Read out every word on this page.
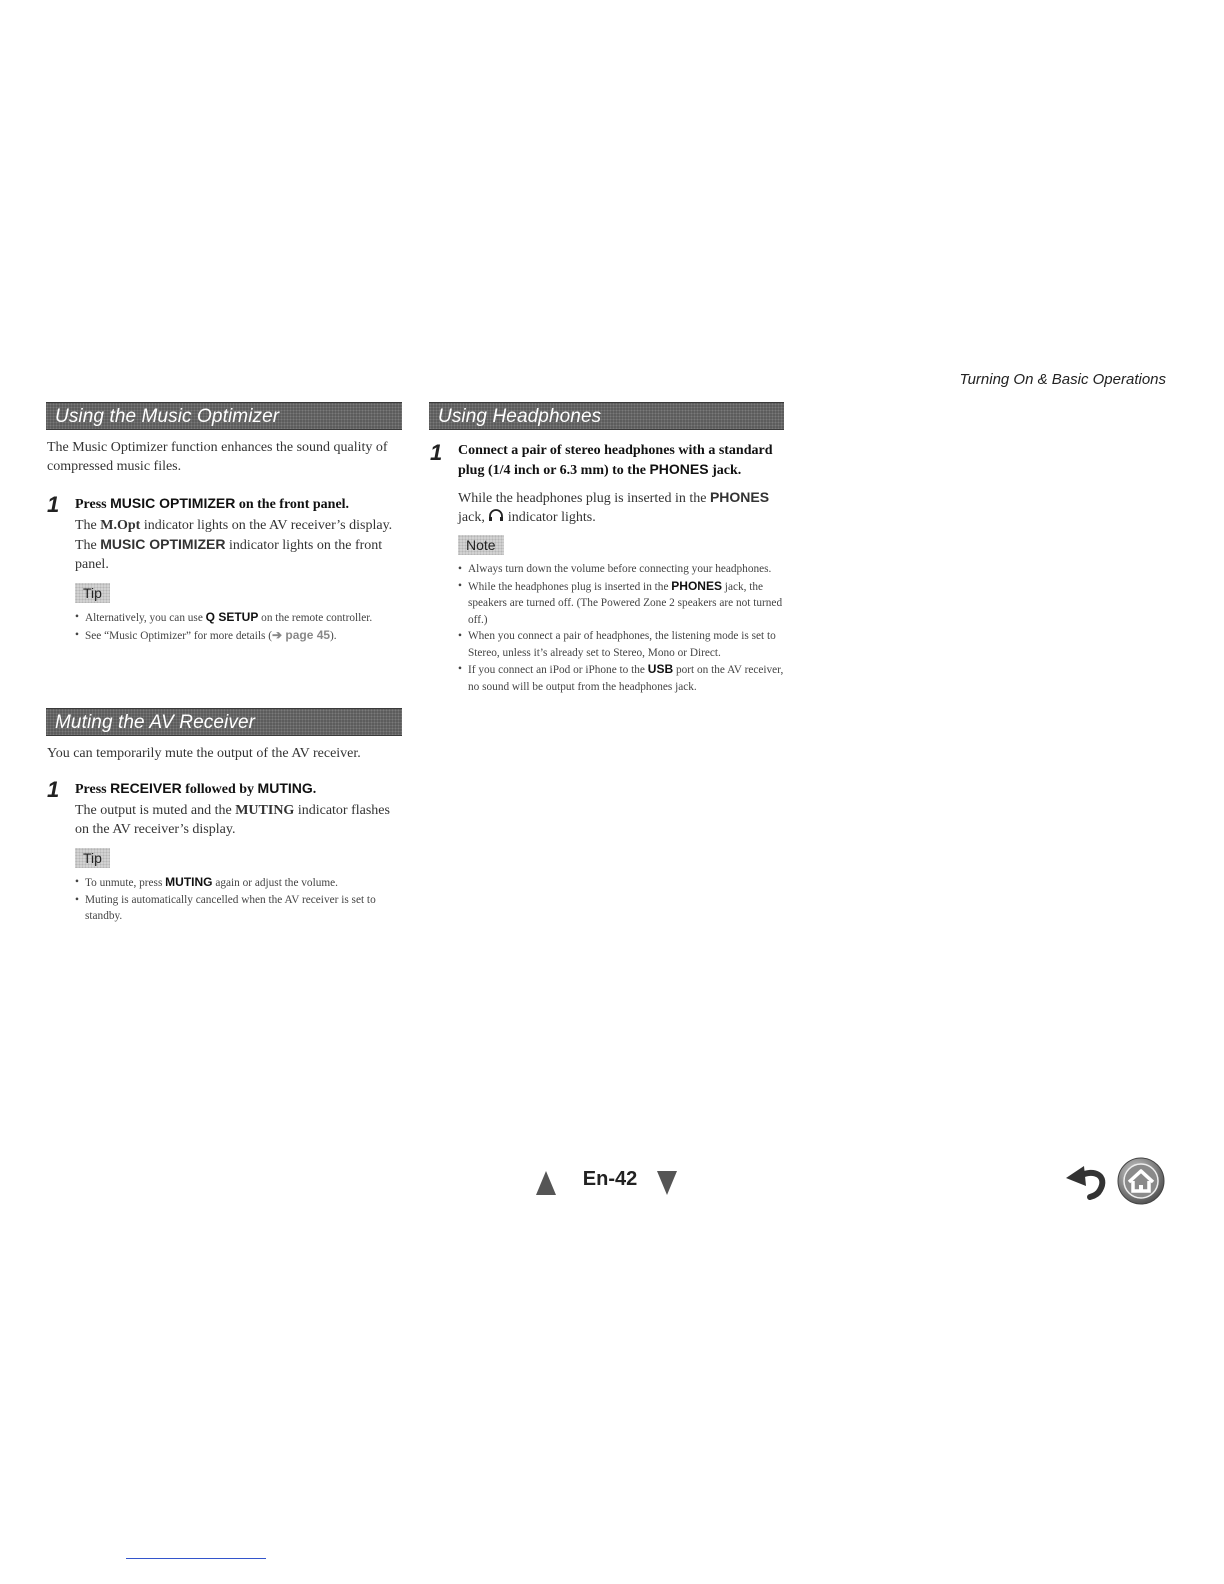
Turning On & Basic Operations
Using the Music Optimizer

The Music Optimizer function enhances the sound quality of compressed music files.

1 Press MUSIC OPTIMIZER on the front panel.

The M.Opt indicator lights on the AV receiver’s display.

The MUSIC OPTIMIZER indicator lights on the front panel.

Tip
• Alternatively, you can use Q SETUP on the remote controller.
• See “Music Optimizer” for more details (➔ page 45).
Muting the AV Receiver

You can temporarily mute the output of the AV receiver.

1 Press RECEIVER followed by MUTING.

The output is muted and the MUTING indicator flashes on the AV receiver’s display.

Tip
• To unmute, press MUTING again or adjust the volume.
• Muting is automatically cancelled when the AV receiver is set to standby.
Using Headphones
1 Connect a pair of stereo headphones with a standard plug (1/4 inch or 6.3 mm) to the PHONES jack.

While the headphones plug is inserted in the PHONES jack,  indicator lights.

Note
• Always turn down the volume before connecting your headphones.
• While the headphones plug is inserted in the PHONES jack, the speakers are turned off. (The Powered Zone 2 speakers are not turned off.)
• When you connect a pair of headphones, the listening mode is set to Stereo, unless it’s already set to Stereo, Mono or Direct.
• If you connect an iPod or iPhone to the USB port on the AV receiver, no sound will be output from the headphones jack.
En-42
